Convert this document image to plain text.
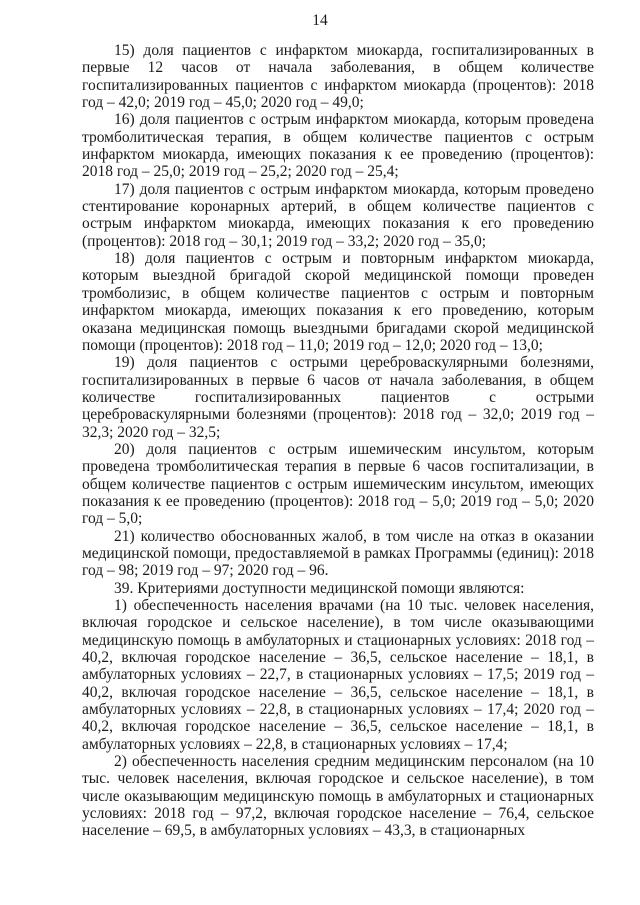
14

15) доля пациентов с инфарктом миокарда, госпитализированных в первые 12 часов от начала заболевания, в общем количестве госпитализированных пациентов с инфарктом миокарда (процентов): 2018 год – 42,0; 2019 год – 45,0; 2020 год – 49,0;

16) доля пациентов с острым инфарктом миокарда, которым проведена тромболитическая терапия, в общем количестве пациентов с острым инфарктом миокарда, имеющих показания к ее проведению (процентов): 2018 год – 25,0; 2019 год – 25,2; 2020 год – 25,4;

17) доля пациентов с острым инфарктом миокарда, которым проведено стентирование коронарных артерий, в общем количестве пациентов с острым инфарктом миокарда, имеющих показания к его проведению (процентов): 2018 год – 30,1; 2019 год – 33,2; 2020 год – 35,0;

18) доля пациентов с острым и повторным инфарктом миокарда, которым выездной бригадой скорой медицинской помощи проведен тромболизис, в общем количестве пациентов с острым и повторным инфарктом миокарда, имеющих показания к его проведению, которым оказана медицинская помощь выездными бригадами скорой медицинской помощи (процентов): 2018 год – 11,0; 2019 год – 12,0; 2020 год – 13,0;

19) доля пациентов с острыми цереброваскулярными болезнями, госпитализированных в первые 6 часов от начала заболевания, в общем количестве госпитализированных пациентов с острыми цереброваскулярными болезнями (процентов): 2018 год – 32,0; 2019 год – 32,3; 2020 год – 32,5;

20) доля пациентов с острым ишемическим инсультом, которым проведена тромболитическая терапия в первые 6 часов госпитализации, в общем количестве пациентов с острым ишемическим инсультом, имеющих показания к ее проведению (процентов): 2018 год – 5,0; 2019 год – 5,0; 2020 год – 5,0;

21) количество обоснованных жалоб, в том числе на отказ в оказании медицинской помощи, предоставляемой в рамках Программы (единиц): 2018 год – 98; 2019 год – 97; 2020 год – 96.

39. Критериями доступности медицинской помощи являются:

1) обеспеченность населения врачами (на 10 тыс. человек населения, включая городское и сельское население), в том числе оказывающими медицинскую помощь в амбулаторных и стационарных условиях: 2018 год – 40,2, включая городское население – 36,5, сельское население – 18,1, в амбулаторных условиях – 22,7, в стационарных условиях – 17,5; 2019 год – 40,2, включая городское население – 36,5, сельское население – 18,1, в амбулаторных условиях – 22,8, в стационарных условиях – 17,4; 2020 год – 40,2, включая городское население – 36,5, сельское население – 18,1, в амбулаторных условиях – 22,8, в стационарных условиях – 17,4;

2) обеспеченность населения средним медицинским персоналом (на 10 тыс. человек населения, включая городское и сельское население), в том числе оказывающим медицинскую помощь в амбулаторных и стационарных условиях: 2018 год – 97,2, включая городское население – 76,4, сельское население – 69,5, в амбулаторных условиях – 43,3, в стационарных
